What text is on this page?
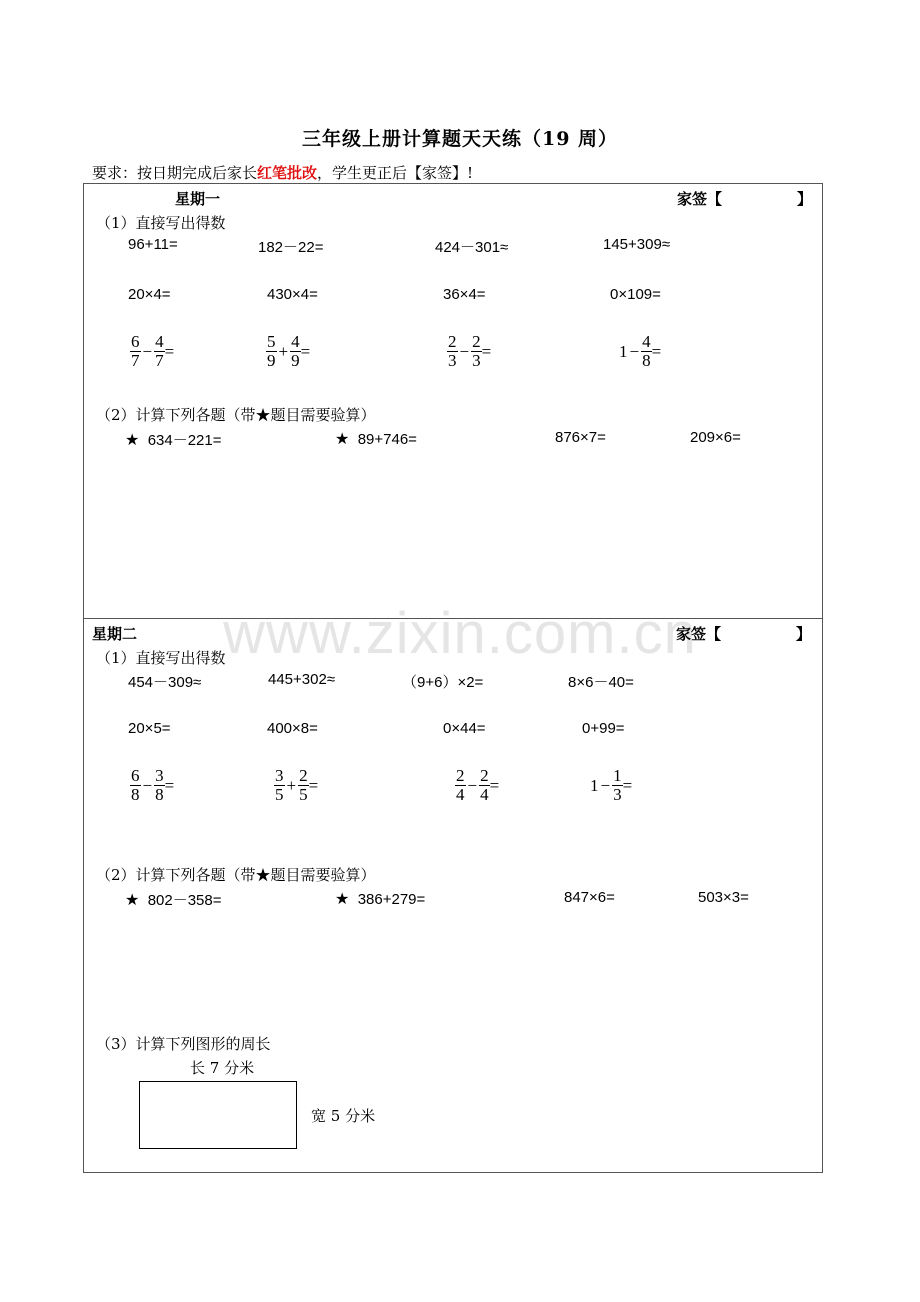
www.zixin.com.cn
三年级上册计算题天天练（19 周）
要求：按日期完成后家长红笔批改，学生更正后【家签】!
星期一	家签【　　　　　】
（1）直接写出得数
96+11=	182－22=	424－301≈	145+309≈
20×4=	430×4=	36×4=	0×109=
$\frac{6}{7} - \frac{4}{7}$ =	$\frac{5}{9} + \frac{4}{9}$ =	$\frac{2}{3} - \frac{2}{3}$ =	$1 - \frac{4}{8}$ =
（2）计算下列各题（带★题目需要验算）
★ 634－221=	★ 89+746=	876×7=	209×6=
星期二	家签【　　　　　】
（1）直接写出得数
454－309≈	445+302≈	（9+6）×2=	8×6－40=
20×5=	400×8=	0×44=	0+99=
$\frac{6}{8} - \frac{3}{8}$ =	$\frac{3}{5} + \frac{2}{5}$ =	$\frac{2}{4} - \frac{2}{4}$ =	$1 - \frac{1}{3}$ =
（2）计算下列各题（带★题目需要验算）
★ 802－358=	★ 386+279=	847×6=	503×3=
（3）计算下列图形的周长
长 7 分米
宽 5 分米
